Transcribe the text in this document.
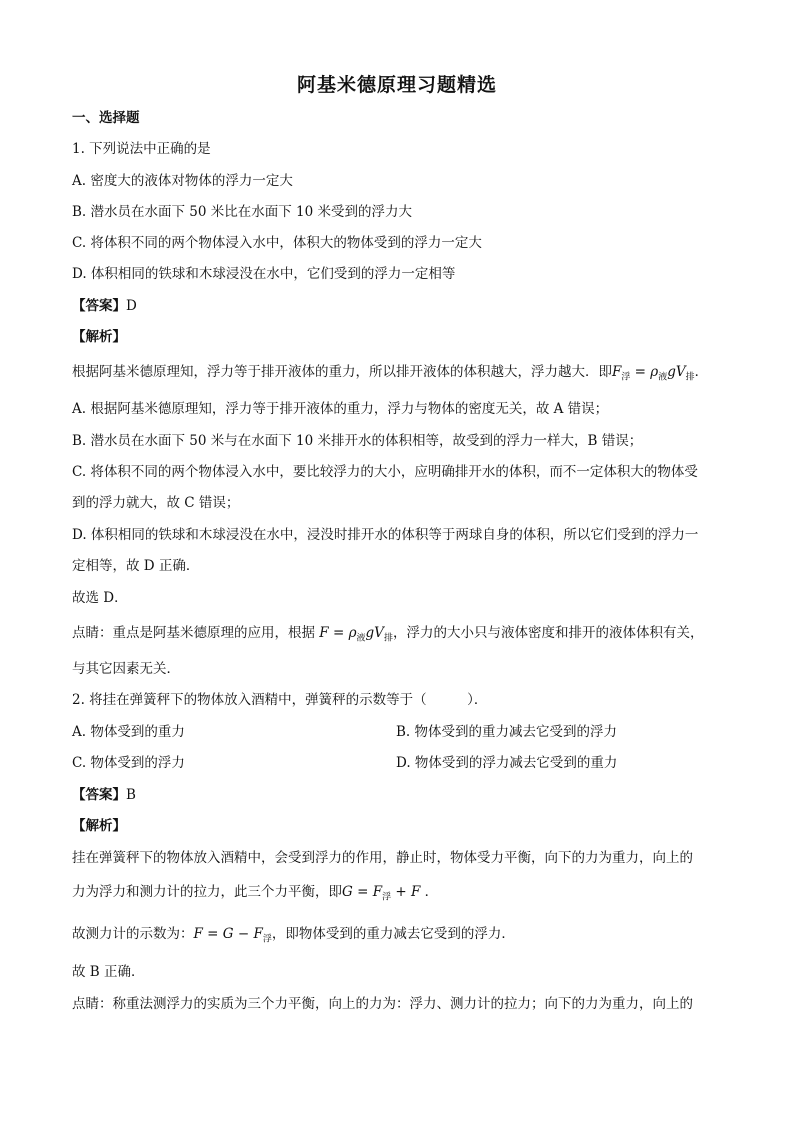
阿基米德原理习题精选
一、选择题
1. 下列说法中正确的是
A. 密度大的液体对物体的浮力一定大
B. 潜水员在水面下 50 米比在水面下 10 米受到的浮力大
C. 将体积不同的两个物体浸入水中，体积大的物体受到的浮力一定大
D. 体积相同的铁球和木球浸没在水中，它们受到的浮力一定相等
【答案】D
【解析】
根据阿基米德原理知，浮力等于排开液体的重力，所以排开液体的体积越大，浮力越大．即$F_浮 = \rho_液gV_排$．
A. 根据阿基米德原理知，浮力等于排开液体的重力，浮力与物体的密度无关，故 A 错误；
B. 潜水员在水面下 50 米与在水面下 10 米排开水的体积相等，故受到的浮力一样大，B 错误；
C. 将体积不同的两个物体浸入水中，要比较浮力的大小，应明确排开水的体积，而不一定体积大的物体受
到的浮力就大，故 C 错误；
D. 体积相同的铁球和木球浸没在水中，浸没时排开水的体积等于两球自身的体积，所以它们受到的浮力一
定相等，故 D 正确．
故选 D．
点睛：重点是阿基米德原理的应用，根据 $F = \rho_液gV_排$，浮力的大小只与液体密度和排开的液体体积有关，
与其它因素无关．
2. 将挂在弹簧秤下的物体放入酒精中，弹簧秤的示数等于（　　　）．
A. 物体受到的重力	B. 物体受到的重力减去它受到的浮力
C. 物体受到的浮力	D. 物体受到的浮力减去它受到的重力
【答案】B
【解析】
挂在弹簧秤下的物体放入酒精中，会受到浮力的作用，静止时，物体受力平衡，向下的力为重力，向上的
力为浮力和测力计的拉力，此三个力平衡，即$G = F_浮 + F$ ．
故测力计的示数为：$F = G - F_浮$，即物体受到的重力减去它受到的浮力．
故 B 正确．
点睛：称重法测浮力的实质为三个力平衡，向上的力为：浮力、测力计的拉力；向下的力为重力，向上的
